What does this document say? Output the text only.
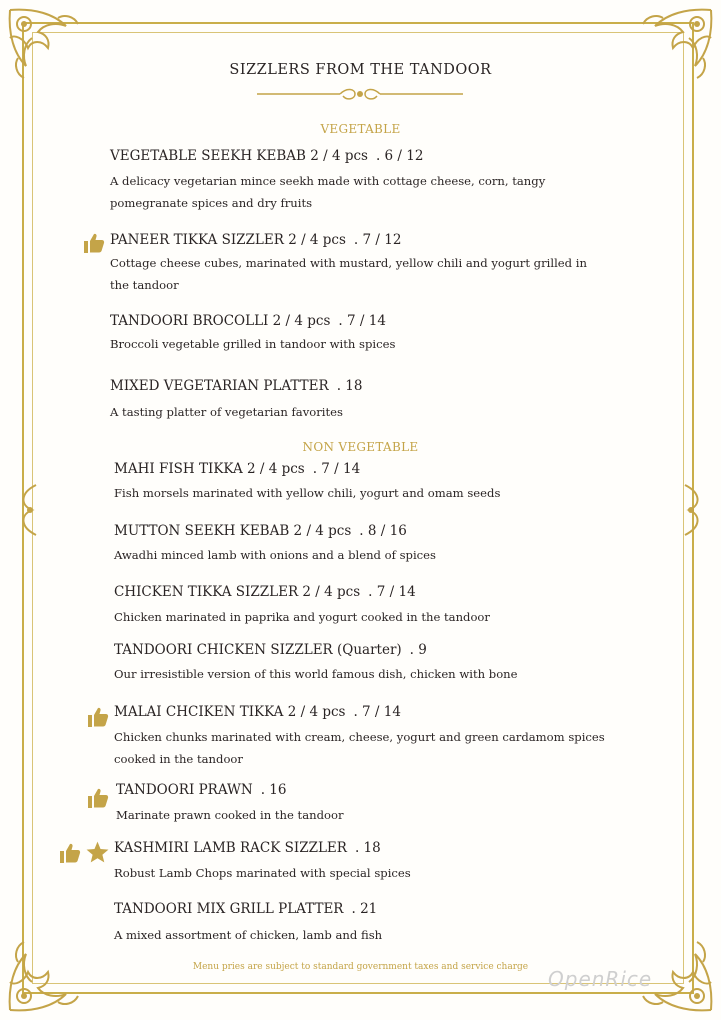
SIZZLERS FROM THE TANDOOR
VEGETABLE
VEGETABLE SEEKH KEBAB 2 / 4 pcs . 6 / 12
A delicacy vegetarian mince seekh made with cottage cheese, corn, tangy
pomegranate spices and dry fruits
PANEER TIKKA SIZZLER 2 / 4 pcs . 7 / 12
Cottage cheese cubes, marinated with mustard, yellow chili and yogurt grilled in
the tandoor
TANDOORI BROCOLLI 2 / 4 pcs . 7 / 14
Broccoli vegetable grilled in tandoor with spices
MIXED VEGETARIAN PLATTER . 18
A tasting platter of vegetarian favorites
NON VEGETABLE
MAHI FISH TIKKA 2 / 4 pcs . 7 / 14
Fish morsels marinated with yellow chili, yogurt and omam seeds
MUTTON SEEKH KEBAB 2 / 4 pcs . 8 / 16
Awadhi minced lamb with onions and a blend of spices
CHICKEN TIKKA SIZZLER 2 / 4 pcs . 7 / 14
Chicken marinated in paprika and yogurt cooked in the tandoor
TANDOORI CHICKEN SIZZLER (Quarter) . 9
Our irresistible version of this world famous dish, chicken with bone
MALAI CHCIKEN TIKKA 2 / 4 pcs . 7 / 14
Chicken chunks marinated with cream, cheese, yogurt and green cardamom spices
cooked in the tandoor
TANDOORI PRAWN . 16
Marinate prawn cooked in the tandoor
KASHMIRI LAMB RACK SIZZLER . 18
Robust Lamb Chops marinated with special spices
TANDOORI MIX GRILL PLATTER . 21
A mixed assortment of chicken, lamb and fish
Menu pries are subject to standard government taxes and service charge OpenRice
